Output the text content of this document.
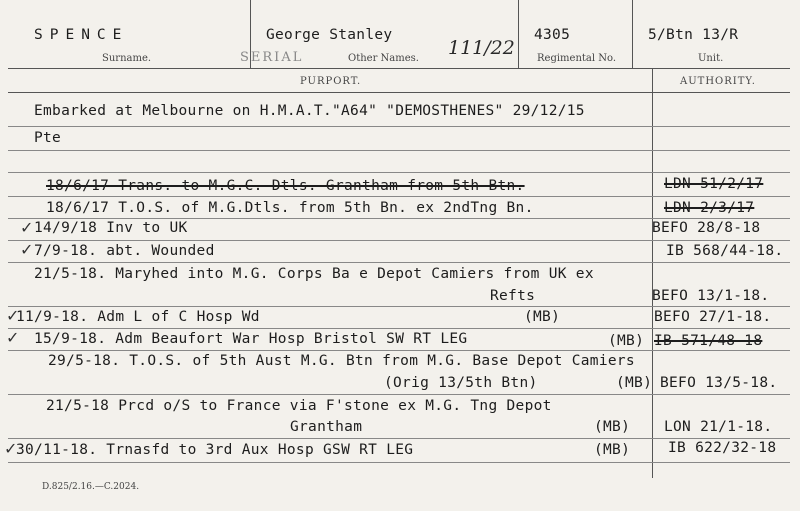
SPENCE
Surname.	SERIAL
George Stanley
Other Names. 111/22
4305
Regimental No.
5/Btn 13/R
Unit.
PURPORT.	AUTHORITY.
Embarked at Melbourne on H.M.A.T."A64" "DEMOSTHENES" 29/12/15
Pte
18/6/17 Trans. to M.G.C. Dtls. Grantham from 5th Btn.	LDN 51/2/17
18/6/17 T.O.S. of M.G.Dtls. from 5th Bn. ex 2ndTng Bn.	LDN 2/3/17
✓ 14/9/18 Inv to UK	BEFO 28/8-18
✓ 7/9-18. abt. Wounded	IB 568/44-18.
21/5-18. Maryhed into M.G. Corps Ba e Depot Camiers from UK ex
Refts	BEFO 13/1-18.
✓
11/9-18. Adm L of C Hosp Wd	(MB)	BEFO 27/1-18.
✓ 15/9-18. Adm Beaufort War Hosp Bristol SW RT LEG	(MB) IB 571/48-18
29/5-18. T.O.S. of 5th Aust M.G. Btn from M.G. Base Depot Camiers
(Orig 13/5th Btn)	(MB) BEFO 13/5-18.
21/5-18 Prcd o/S to France via F'stone ex M.G. Tng Depot
Grantham	(MB) LON 21/1-18.
✓
30/11-18. Trnasfd to 3rd Aux Hosp GSW RT LEG	(MB)	IB 622/32-18
D.825/2.16.—C.2024.
